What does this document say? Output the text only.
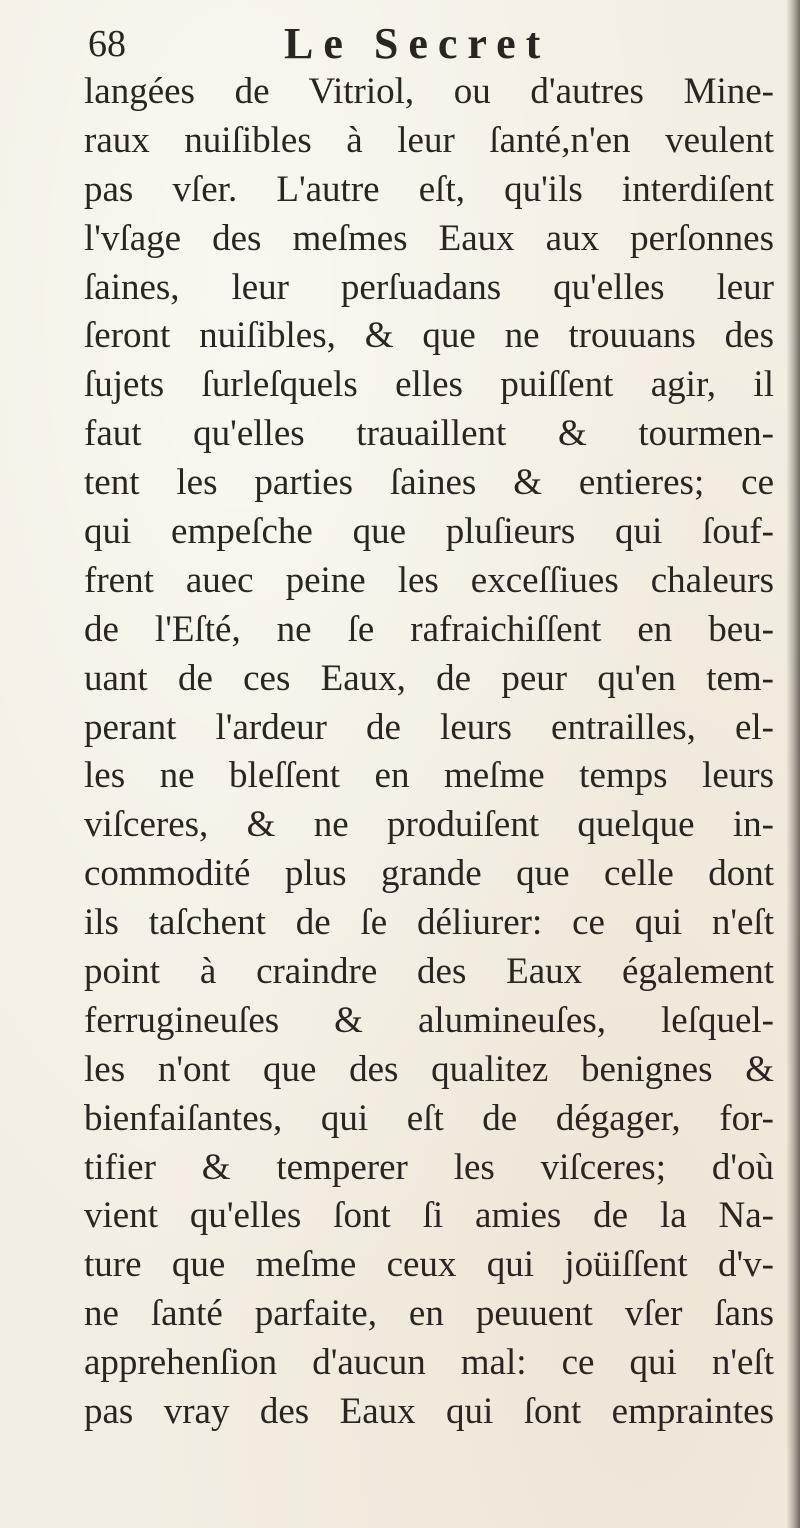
68	Le Secret
langées de Vitriol, ou d'autres Mine-
raux nuiſibles à leur ſanté,n'en veulent
pas vſer. L'autre eſt, qu'ils interdiſent
l'vſage des meſmes Eaux aux perſonnes
ſaines, leur perſuadans qu'elles leur
ſeront nuiſibles, & que ne trouuans des
ſujets ſurleſquels elles puiſſent agir, il
faut qu'elles trauaillent & tourmen-
tent les parties ſaines & entieres; ce
qui empeſche que pluſieurs qui ſouf-
frent auec peine les exceſſiues chaleurs
de l'Eſté, ne ſe rafraichiſſent en beu-
uant de ces Eaux, de peur qu'en tem-
perant l'ardeur de leurs entrailles, el-
les ne bleſſent en meſme temps leurs
viſceres, & ne produiſent quelque in-
commodité plus grande que celle dont
ils taſchent de ſe déliurer: ce qui n'eſt
point à craindre des Eaux également
ferrugineuſes & alumineuſes, leſquel-
les n'ont que des qualitez benignes &
bienfaiſantes, qui eſt de dégager, for-
tifier & temperer les viſceres; d'où
vient qu'elles ſont ſi amies de la Na-
ture que meſme ceux qui joüiſſent d'v-
ne ſanté parfaite, en peuuent vſer ſans
apprehenſion d'aucun mal: ce qui n'eſt
pas vray des Eaux qui ſont empraintes
